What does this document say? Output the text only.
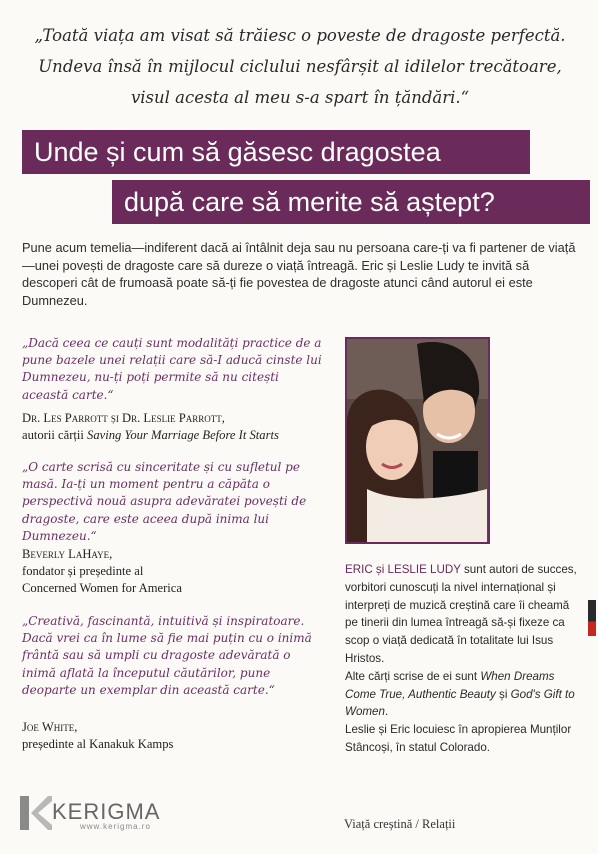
„Toată viața am visat să trăiesc o poveste de dragoste perfectă.
Undeva însă în mijlocul ciclului nesfârșit al idilelor trecătoare,
visul acesta al meu s-a spart în țăndări.“
Unde și cum să găsesc dragostea
după care să merite să aștept?
Pune acum temelia—indiferent dacă ai întâlnit deja sau nu persoana care-ți va fi partener de viață—unei povești de dragoste care să dureze o viață întreagă. Eric și Leslie Ludy te invită să descoperi cât de frumoasă poate să-ți fie povestea de dragoste atunci când autorul ei este Dumnezeu.
„Dacă ceea ce cauți sunt modalități practice de a pune bazele unei relații care să-I aducă cinste lui Dumnezeu, nu-ți poți permite să nu citești această carte.“
Dr. Les Parrott și Dr. Leslie Parrott,
autorii cărții Saving Your Marriage Before It Starts
„O carte scrisă cu sinceritate și cu sufletul pe masă. Ia-ți un moment pentru a căpăta o perspectivă nouă asupra adevăratei povești de dragoste, care este aceea după inima lui Dumnezeu.“
Beverly LaHaye,
fondator și președinte al
Concerned Women for America
„Creativă, fascinantă, intuitivă și inspiratoare. Dacă vrei ca în lume să fie mai puțin cu o inimă frântă sau să umpli cu dragoste adevărată o inimă aflată la începutul căutărilor, pune deoparte un exemplar din această carte.“
Joe White,
președinte al Kanakuk Kamps
ERIC și LESLIE LUDY sunt autori de succes, vorbitori cunoscuți la nivel internațional și interpreți de muzică creștină care îi cheamă pe tinerii din lumea întreagă să-și fixeze ca scop o viață dedicată în totalitate lui Isus Hristos.
Alte cărți scrise de ei sunt When Dreams Come True, Authentic Beauty și God's Gift to Women.
Leslie și Eric locuiesc în apropierea Munților Stâncoși, în statul Colorado.
KERIGMA
www.kerigma.ro	Viață creștină / Relații
